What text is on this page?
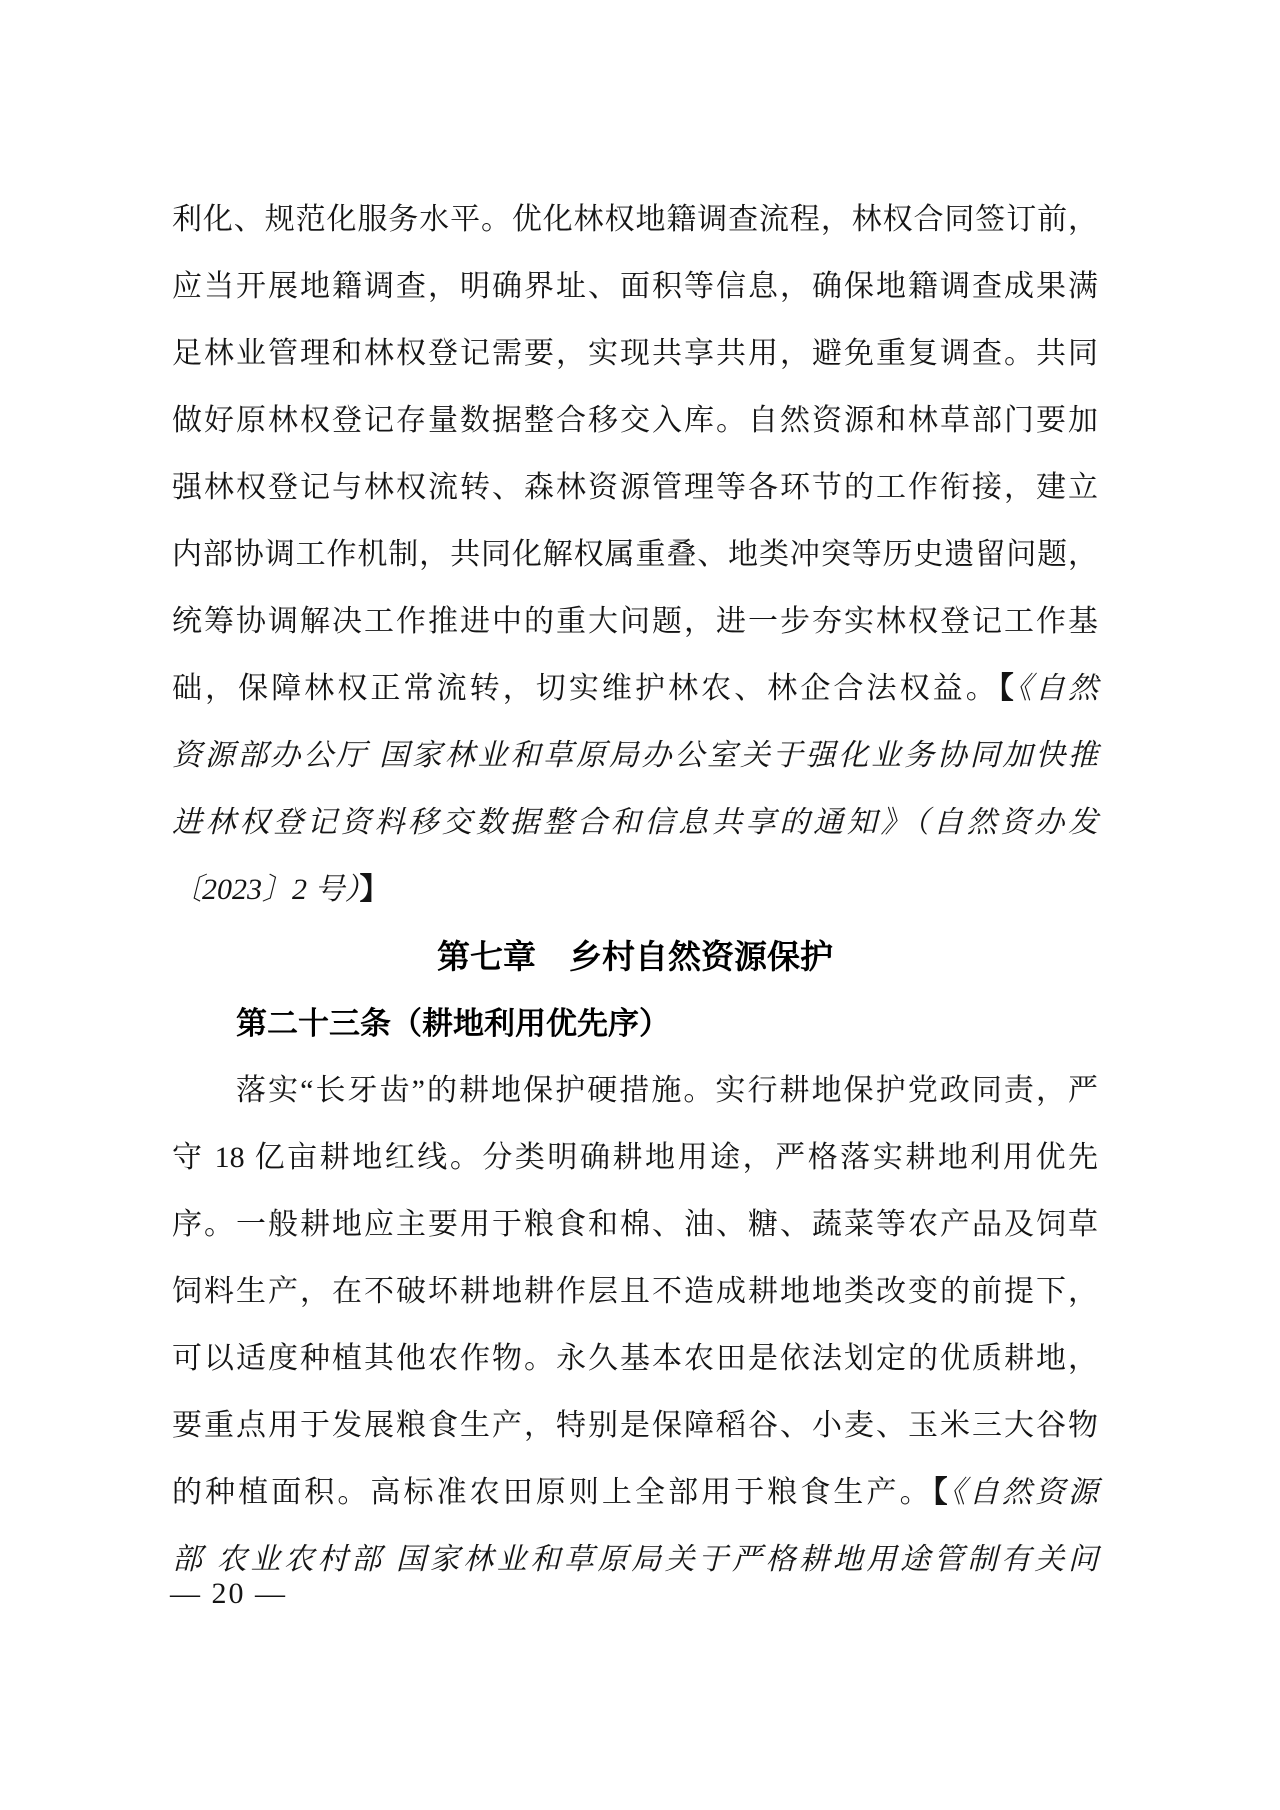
利化、规范化服务水平。优化林权地籍调查流程，林权合同签订前，
应当开展地籍调查，明确界址、面积等信息，确保地籍调查成果满
足林业管理和林权登记需要，实现共享共用，避免重复调查。共同
做好原林权登记存量数据整合移交入库。自然资源和林草部门要加
强林权登记与林权流转、森林资源管理等各环节的工作衔接，建立
内部协调工作机制，共同化解权属重叠、地类冲突等历史遗留问题，
统筹协调解决工作推进中的重大问题，进一步夯实林权登记工作基
础，保障林权正常流转，切实维护林农、林企合法权益。【《自然
资源部办公厅 国家林业和草原局办公室关于强化业务协同加快推
进林权登记资料移交数据整合和信息共享的通知》（自然资办发
〔2023〕2 号）】
第七章　乡村自然资源保护
第二十三条（耕地利用优先序）
落实“长牙齿”的耕地保护硬措施。实行耕地保护党政同责，严
守 18 亿亩耕地红线。分类明确耕地用途，严格落实耕地利用优先
序。一般耕地应主要用于粮食和棉、油、糖、蔬菜等农产品及饲草
饲料生产，在不破坏耕地耕作层且不造成耕地地类改变的前提下，
可以适度种植其他农作物。永久基本农田是依法划定的优质耕地，
要重点用于发展粮食生产，特别是保障稻谷、小麦、玉米三大谷物
的种植面积。高标准农田原则上全部用于粮食生产。【《自然资源
部 农业农村部 国家林业和草原局关于严格耕地用途管制有关问
— 20 —
